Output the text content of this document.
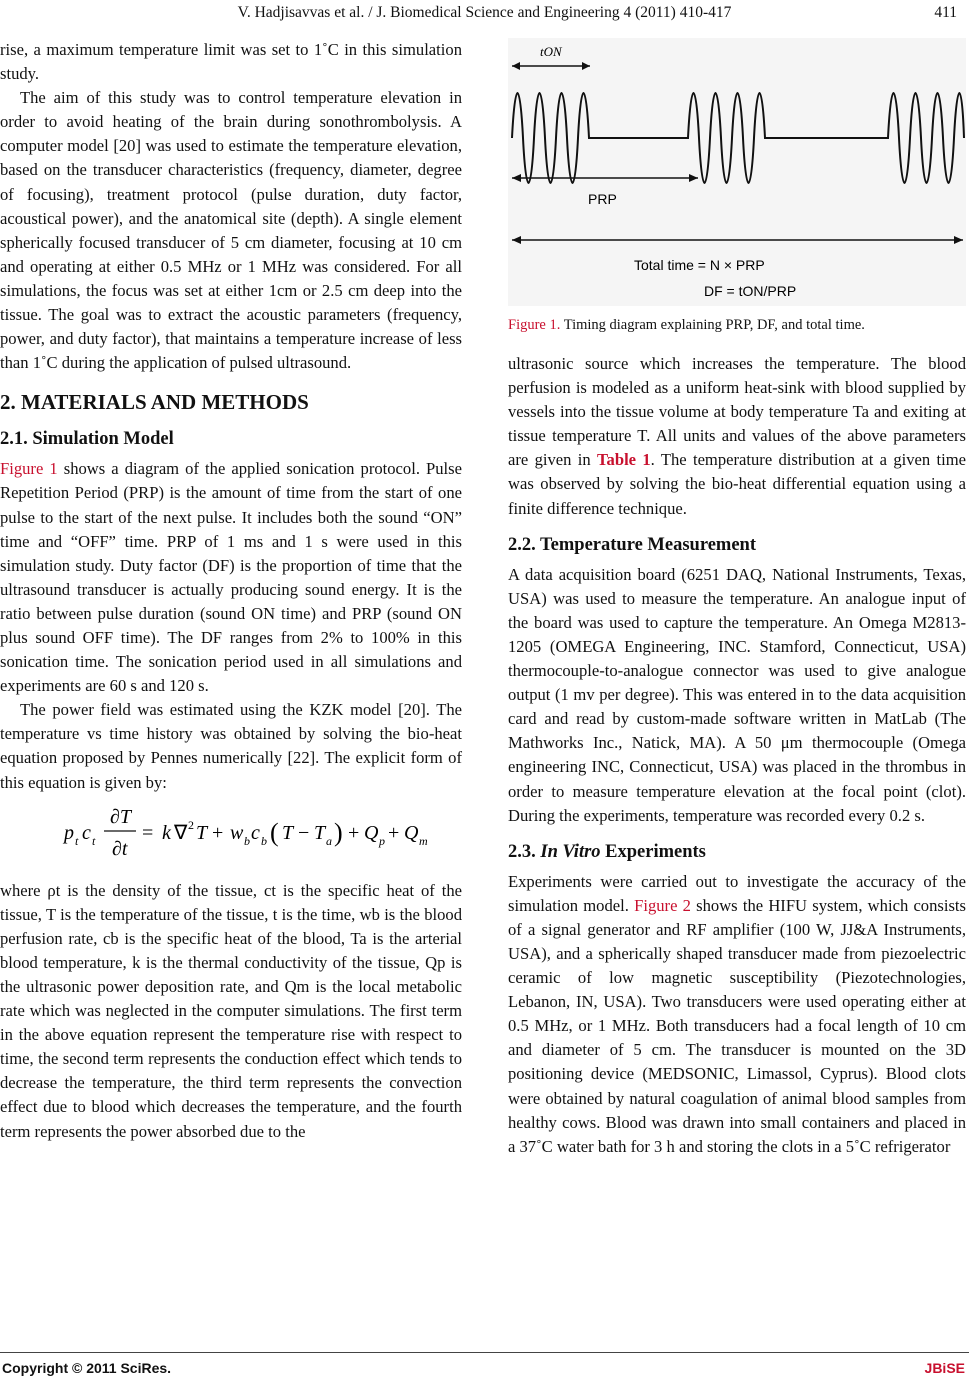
V. Hadjisavvas et al. / J. Biomedical Science and Engineering 4 (2011) 410-417	411

rise, a maximum temperature limit was set to 1˚C in this simulation study.

The aim of this study was to control temperature elevation in order to avoid heating of the brain during sonothrombolysis. A computer model [20] was used to estimate the temperature elevation, based on the transducer characteristics (frequency, diameter, degree of focusing), treatment protocol (pulse duration, duty factor, acoustical power), and the anatomical site (depth). A single element spherically focused transducer of 5 cm diameter, focusing at 10 cm and operating at either 0.5 MHz or 1 MHz was considered. For all simulations, the focus was set at either 1cm or 2.5 cm deep into the tissue. The goal was to extract the acoustic parameters (frequency, power, and duty factor), that maintains a temperature increase of less than 1˚C during the application of pulsed ultrasound.

2. MATERIALS AND METHODS
2.1. Simulation Model

Figure 1 shows a diagram of the applied sonication protocol. Pulse Repetition Period (PRP) is the amount of time from the start of one pulse to the start of the next pulse. It includes both the sound “ON” time and “OFF” time. PRP of 1 ms and 1 s were used in this simulation study. Duty factor (DF) is the proportion of time that the ultrasound transducer is actually producing sound energy. It is the ratio between pulse duration (sound ON time) and PRP (sound ON plus sound OFF time). The DF ranges from 2% to 100% in this sonication time. The sonication period used in all simulations and experiments are 60 s and 120 s.

The power field was estimated using the KZK model [20]. The temperature vs time history was obtained by solving the bio-heat equation proposed by Pennes numerically [22]. The explicit form of this equation is given by:

∂T
∂t
p t c t = k ∇ 2 T + w b c b ( T − T a ) + Q p + Q m

where ρt is the density of the tissue, ct is the specific heat of the tissue, T is the temperature of the tissue, t is the time, wb is the blood perfusion rate, cb is the specific heat of the blood, Ta is the arterial blood temperature, k is the thermal conductivity of the tissue, Qp is the ultrasonic power deposition rate, and Qm is the local metabolic rate which was neglected in the computer simulations. The first term in the above equation represent the temperature rise with respect to time, the second term represents the conduction effect which tends to decrease the temperature, the third term represents the convection effect due to blood which decreases the temperature, and the fourth term represents the power absorbed due to the

tON
PRP
Total time = N × PRP
DF = tON/PRP

Figure 1. Timing diagram explaining PRP, DF, and total time.

ultrasonic source which increases the temperature. The blood perfusion is modeled as a uniform heat-sink with blood supplied by vessels into the tissue volume at body temperature Ta and exiting at tissue temperature T. All units and values of the above parameters are given in Table 1. The temperature distribution at a given time was observed by solving the bio-heat differential equation using a finite difference technique.

2.2. Temperature Measurement

A data acquisition board (6251 DAQ, National Instruments, Texas, USA) was used to measure the temperature. An analogue input of the board was used to capture the temperature. An Omega M2813-1205 (OMEGA Engineering, INC. Stamford, Connecticut, USA) thermocouple-to-analogue connector was used to give analogue output (1 mv per degree). This was entered in to the data acquisition card and read by custom-made software written in MatLab (The Mathworks Inc., Natick, MA). A 50 μm thermocouple (Omega engineering INC, Connecticut, USA) was placed in the thrombus in order to measure temperature elevation at the focal point (clot). During the experiments, temperature was recorded every 0.2 s.

2.3. In Vitro Experiments

Experiments were carried out to investigate the accuracy of the simulation model. Figure 2 shows the HIFU system, which consists of a signal generator and RF amplifier (100 W, JJ&A Instruments, USA), and a spherically shaped transducer made from piezoelectric ceramic of low magnetic susceptibility (Piezotechnologies, Lebanon, IN, USA). Two transducers were used operating either at 0.5 MHz, or 1 MHz. Both transducers had a focal length of 10 cm and diameter of 5 cm. The transducer is mounted on the 3D positioning device (MEDSONIC, Limassol, Cyprus). Blood clots were obtained by natural coagulation of animal blood samples from healthy cows. Blood was drawn into small containers and placed in a 37˚C water bath for 3 h and storing the clots in a 5˚C refrigerator

Copyright © 2011 SciRes.	JBiSE
